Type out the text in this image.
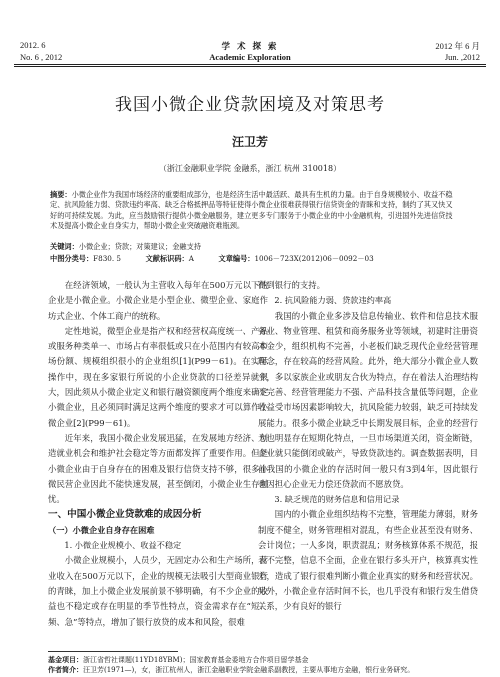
2012. 6
No. 6 , 2012
学 术 探 索
Academic Exploration
2012 年 6 月
Jun. ,2012
我国小微企业贷款困境及对策思考
汪卫芳
（浙江金融职业学院 金融系，浙江 杭州 310018）
摘要：小微企业作为我国市场经济的重要组成部分，也是经济生活中最活跃、最具有生机的力量。由于自身规模较小、收益不稳定、抗风险能力弱、贷款违约率高、缺乏合格抵押品等特征使得小微企业很难获得银行信贷资金的青睐和支持，制约了其又快又好的可持续发展。为此，应当鼓励银行提供小微金融服务，建立更多专门服务于小微企业的中小金融机构，引进国外先进信贷技术及提高小微企业自身实力，帮助小微企业突破融资难瓶颈。
关键词：小微企业；贷款；对策建议；金融支持
中图分类号：F830. 5	文献标识码：A	文章编号：1006－723X(2012)06－0092－03

在经济领域，一般认为主营收入每年在500万元以下的企业是小微企业。小微企业是小型企业、微型企业、家庭作坊式企业、个体工商户的统称。

定性地说，微型企业是指产权和经营权高度统一、产品或服务种类单一、市场占有率很低或只在小范围内有较高市场份额、规模组织很小的企业组织[1](P99－61)。在实际操作中，现在多家银行所说的小企业贷款的口径差异就很大，因此须从小微企业定义和银行融资额度两个维度来确定小微企业，且必须同时满足这两个维度的要求才可以算作小微企业[2](P99－61)。

近年来，我国小微企业发展迅猛，在发展地方经济、创造就业机会和维护社会稳定等方面都发挥了重要作用。但是小微企业由于自身存在的困难及银行信贷支持不够，很多小微民营企业因此不能快速发展，甚至倒闭，小微企业生存堪忧。

一、中国小微企业贷款难的成因分析

（一）小微企业自身存在困难

1. 小微企业规模小、收益不稳定

小微企业规模小，人员少，无固定办公和生产场所，营业收入在500万元以下，企业的规模无法吸引大型商业银行的青睐，加上小微企业发展前景不够明确，有不少企业的收益也不稳定或存在明显的季节性特点，资金需求存在“短、频、急”等特点，增加了银行放贷的成本和风险，很难

得到银行的支持。

2. 抗风险能力弱、贷款违约率高

我国的小微企业多涉及信息传输业、软件和信息技术服务业、物业管理、租赁和商务服务业等领域，初建时注册资本金少，组织机构不完善，小老板们缺乏现代企业经营管理理念，存在较高的经营风险。此外，绝大部分小微企业人数少，多以家族企业或朋友合伙为特点，存在着法人治理结构不完善、经营管理能力不强、产品科技含量低等问题，企业收益受市场因素影响较大，抗风险能力较弱，缺乏可持续发展能力。很多小微企业缺乏中长期发展目标，企业的经营行为也明显存在短期化特点，一旦市场渠道关闭，资金断链，企业就只能倒闭或破产，导致贷款违约。调查数据表明，目前我国的小微企业的存活时间一般只有3到4年，因此银行也因担心企业无力偿还贷款而不愿放贷。

3. 缺乏规范的财务信息和信用记录

国内的小微企业组织结构不完整，管理能力薄弱，财务制度不健全，财务管理相对混乱，有些企业甚至没有财务、会计岗位；一人多岗，职责混乱；财务核算体系不规范，报表不完整，信息不全面，企业在银行多头开户，核算真实性差，造成了银行很难判断小微企业真实的财务和经营状况。另外，小微企业存活时间不长，也几乎没有和银行发生借贷关系，少有良好的银行

基金项目：浙江省哲社课题(11YD18YBM)；国家教育基金委地方合作项目留学基金
作者简介：汪卫芳(1971—)，女，浙江杭州人，浙江金融职业学院金融系副教授，主要从事地方金融，银行业务研究。
